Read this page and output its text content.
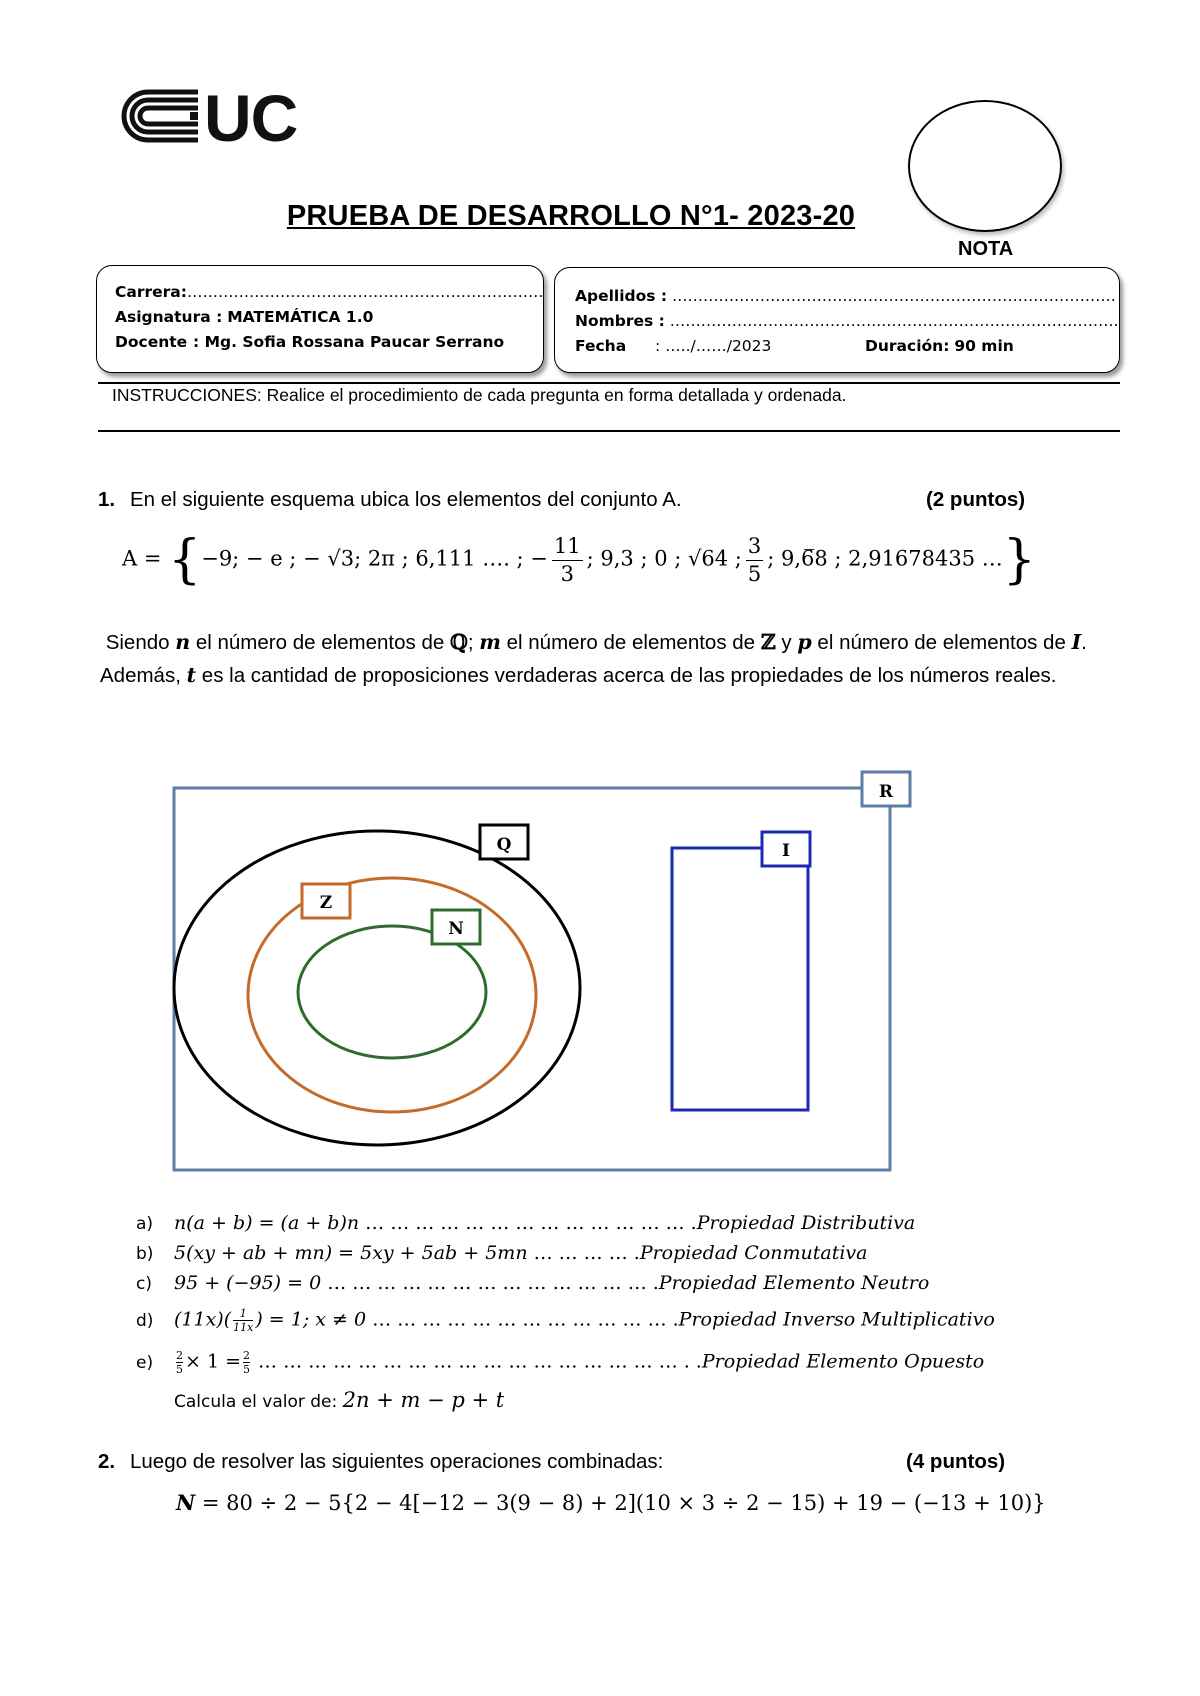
UC
NOTA
PRUEBA DE DESARROLLO N°1- 2023-20
Carrera:……………………………………………………………
Asignatura : MATEMÁTICA 1.0
Docente : Mg. Sofia Rossana Paucar Serrano
Apellidos : ……………………………..……………………………………………
Nombres : …………………………………..……………………………………….
Fecha : …../……/2023	Duración: 90 min
INSTRUCCIONES: Realice el procedimiento de cada pregunta en forma detallada y ordenada.
1. En el siguiente esquema ubica los elementos del conjunto A.	(2 puntos)
A = {−9; − e ; − √3; 2π ; 6,111 …. ; − $\frac{11}{3}$ ; 9,3 ; 0 ; √64 ; $\frac{3}{5}$ ; 9,6̅8 ; 2,91678435 …}
Siendo n el número de elementos de ℚ; m el número de elementos de ℤ y p el número de elementos de I. Además, t es la cantidad de proposiciones verdaderas acerca de las propiedades de los números reales.
R
Q
Z
N
I
a) n(a + b) = (a + b)n … … … … … … … … … … … … … .Propiedad Distributiva
b) 5(xy + ab + mn) = 5xy + 5ab + 5mn … … … … .Propiedad Conmutativa
c) 95 + (−95) = 0 … … … … … … … … … … … … … .Propiedad Elemento Neutro
d) $(11x)( \frac{1}{11x}$ ) = 1; x ≠ 0 … … … … … … … … … … … … .Propiedad Inverso Multiplicativo
$e) \frac{2}{5} \times 1 = \frac{2}{5}$ … … … … … … … … … … … … … … … … … . .Propiedad Elemento Opuesto
Calcula el valor de: 2n + m − p + t
2. Luego de resolver las siguientes operaciones combinadas:	(4 puntos)
N = 80 ÷ 2 − 5{2 − 4[−12 − 3(9 − 8) + 2](10 × 3 ÷ 2 − 15) + 19 − (−13 + 10)}
